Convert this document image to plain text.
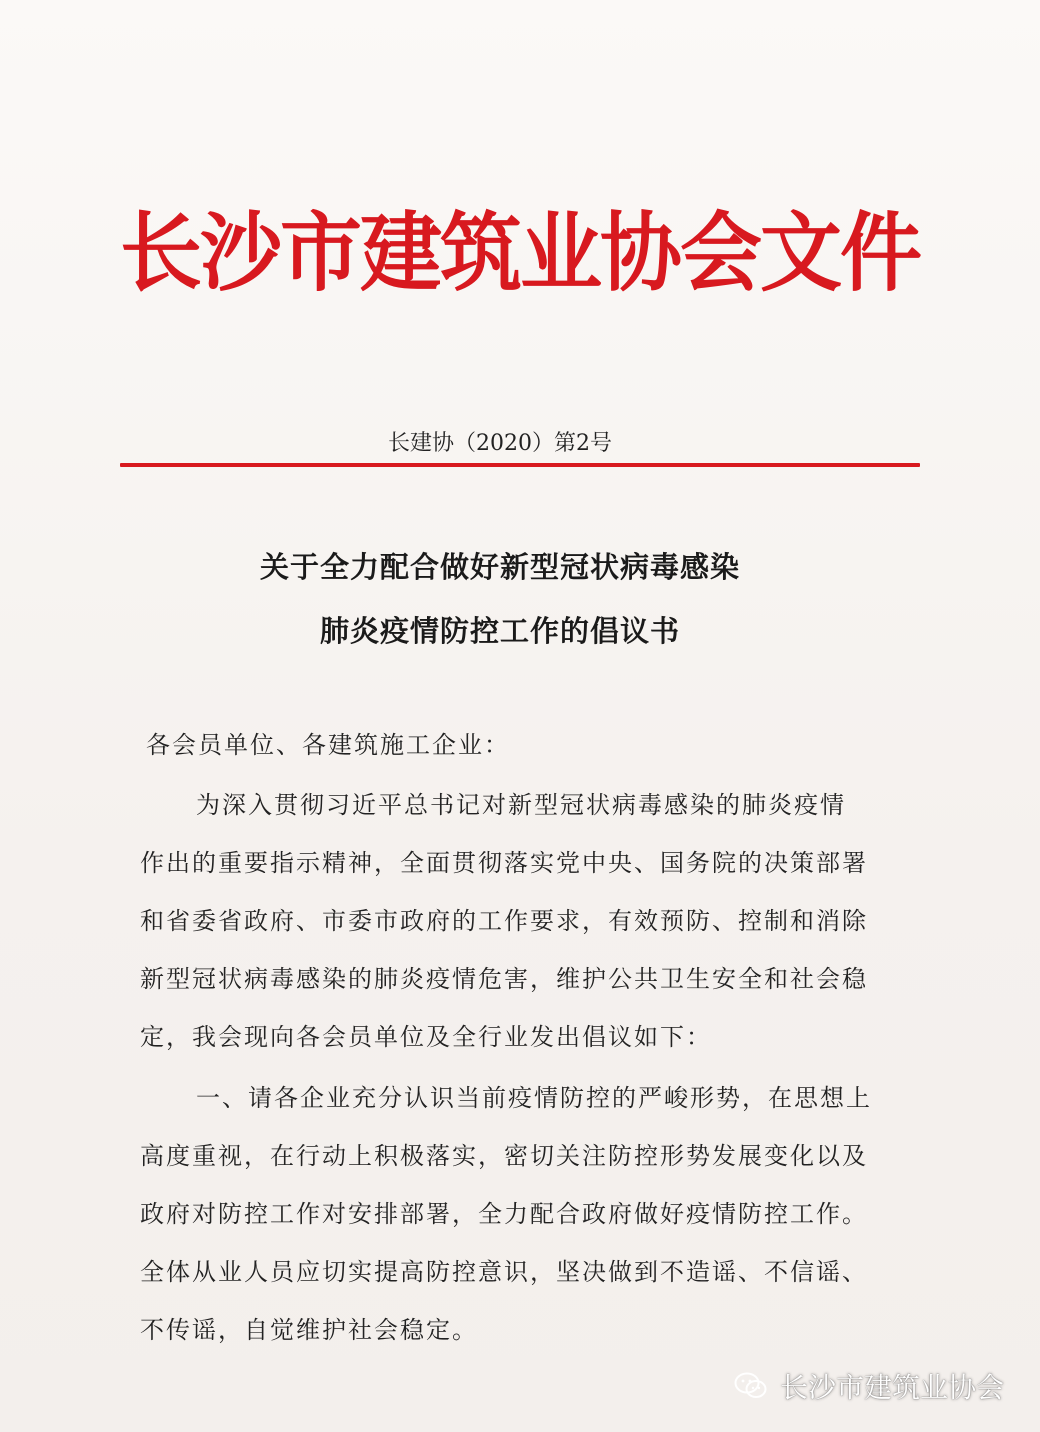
长沙市建筑业协会文件
长建协（2020）第2号
关于全力配合做好新型冠状病毒感染
肺炎疫情防控工作的倡议书
各会员单位、各建筑施工企业：
为深入贯彻习近平总书记对新型冠状病毒感染的肺炎疫情
作出的重要指示精神，全面贯彻落实党中央、国务院的决策部署
和省委省政府、市委市政府的工作要求，有效预防、控制和消除
新型冠状病毒感染的肺炎疫情危害，维护公共卫生安全和社会稳
定，我会现向各会员单位及全行业发出倡议如下：
一、请各企业充分认识当前疫情防控的严峻形势，在思想上
高度重视，在行动上积极落实，密切关注防控形势发展变化以及
政府对防控工作对安排部署，全力配合政府做好疫情防控工作。
全体从业人员应切实提高防控意识，坚决做到不造谣、不信谣、
不传谣，自觉维护社会稳定。
长沙市建筑业协会
